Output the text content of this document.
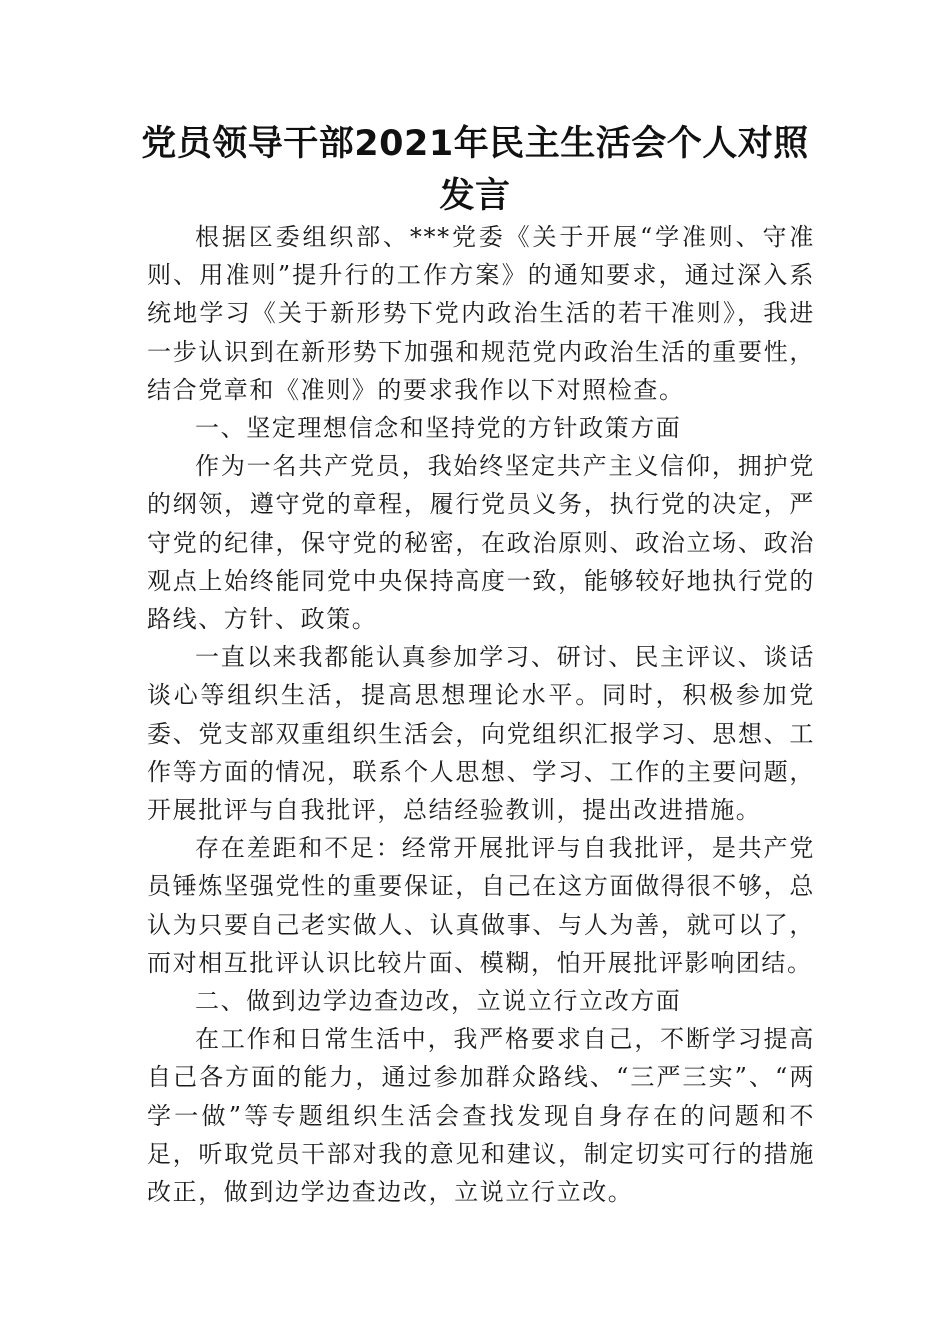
党员领导干部2021年民主生活会个人对照发言

根据区委组织部、***党委《关于开展“学准则、守准则、用准则”提升行的工作方案》的通知要求，通过深入系统地学习《关于新形势下党内政治生活的若干准则》，我进一步认识到在新形势下加强和规范党内政治生活的重要性，结合党章和《准则》的要求我作以下对照检查。

一、坚定理想信念和坚持党的方针政策方面

作为一名共产党员，我始终坚定共产主义信仰，拥护党的纲领，遵守党的章程，履行党员义务，执行党的决定，严守党的纪律，保守党的秘密，在政治原则、政治立场、政治观点上始终能同党中央保持高度一致，能够较好地执行党的路线、方针、政策。

一直以来我都能认真参加学习、研讨、民主评议、谈话谈心等组织生活，提高思想理论水平。同时，积极参加党委、党支部双重组织生活会，向党组织汇报学习、思想、工作等方面的情况，联系个人思想、学习、工作的主要问题，开展批评与自我批评，总结经验教训，提出改进措施。

存在差距和不足：经常开展批评与自我批评，是共产党员锤炼坚强党性的重要保证，自己在这方面做得很不够，总认为只要自己老实做人、认真做事、与人为善，就可以了，而对相互批评认识比较片面、模糊，怕开展批评影响团结。

二、做到边学边查边改，立说立行立改方面

在工作和日常生活中，我严格要求自己，不断学习提高自己各方面的能力，通过参加群众路线、“三严三实”、“两学一做”等专题组织生活会查找发现自身存在的问题和不足，听取党员干部对我的意见和建议，制定切实可行的措施改正，做到边学边查边改，立说立行立改。
